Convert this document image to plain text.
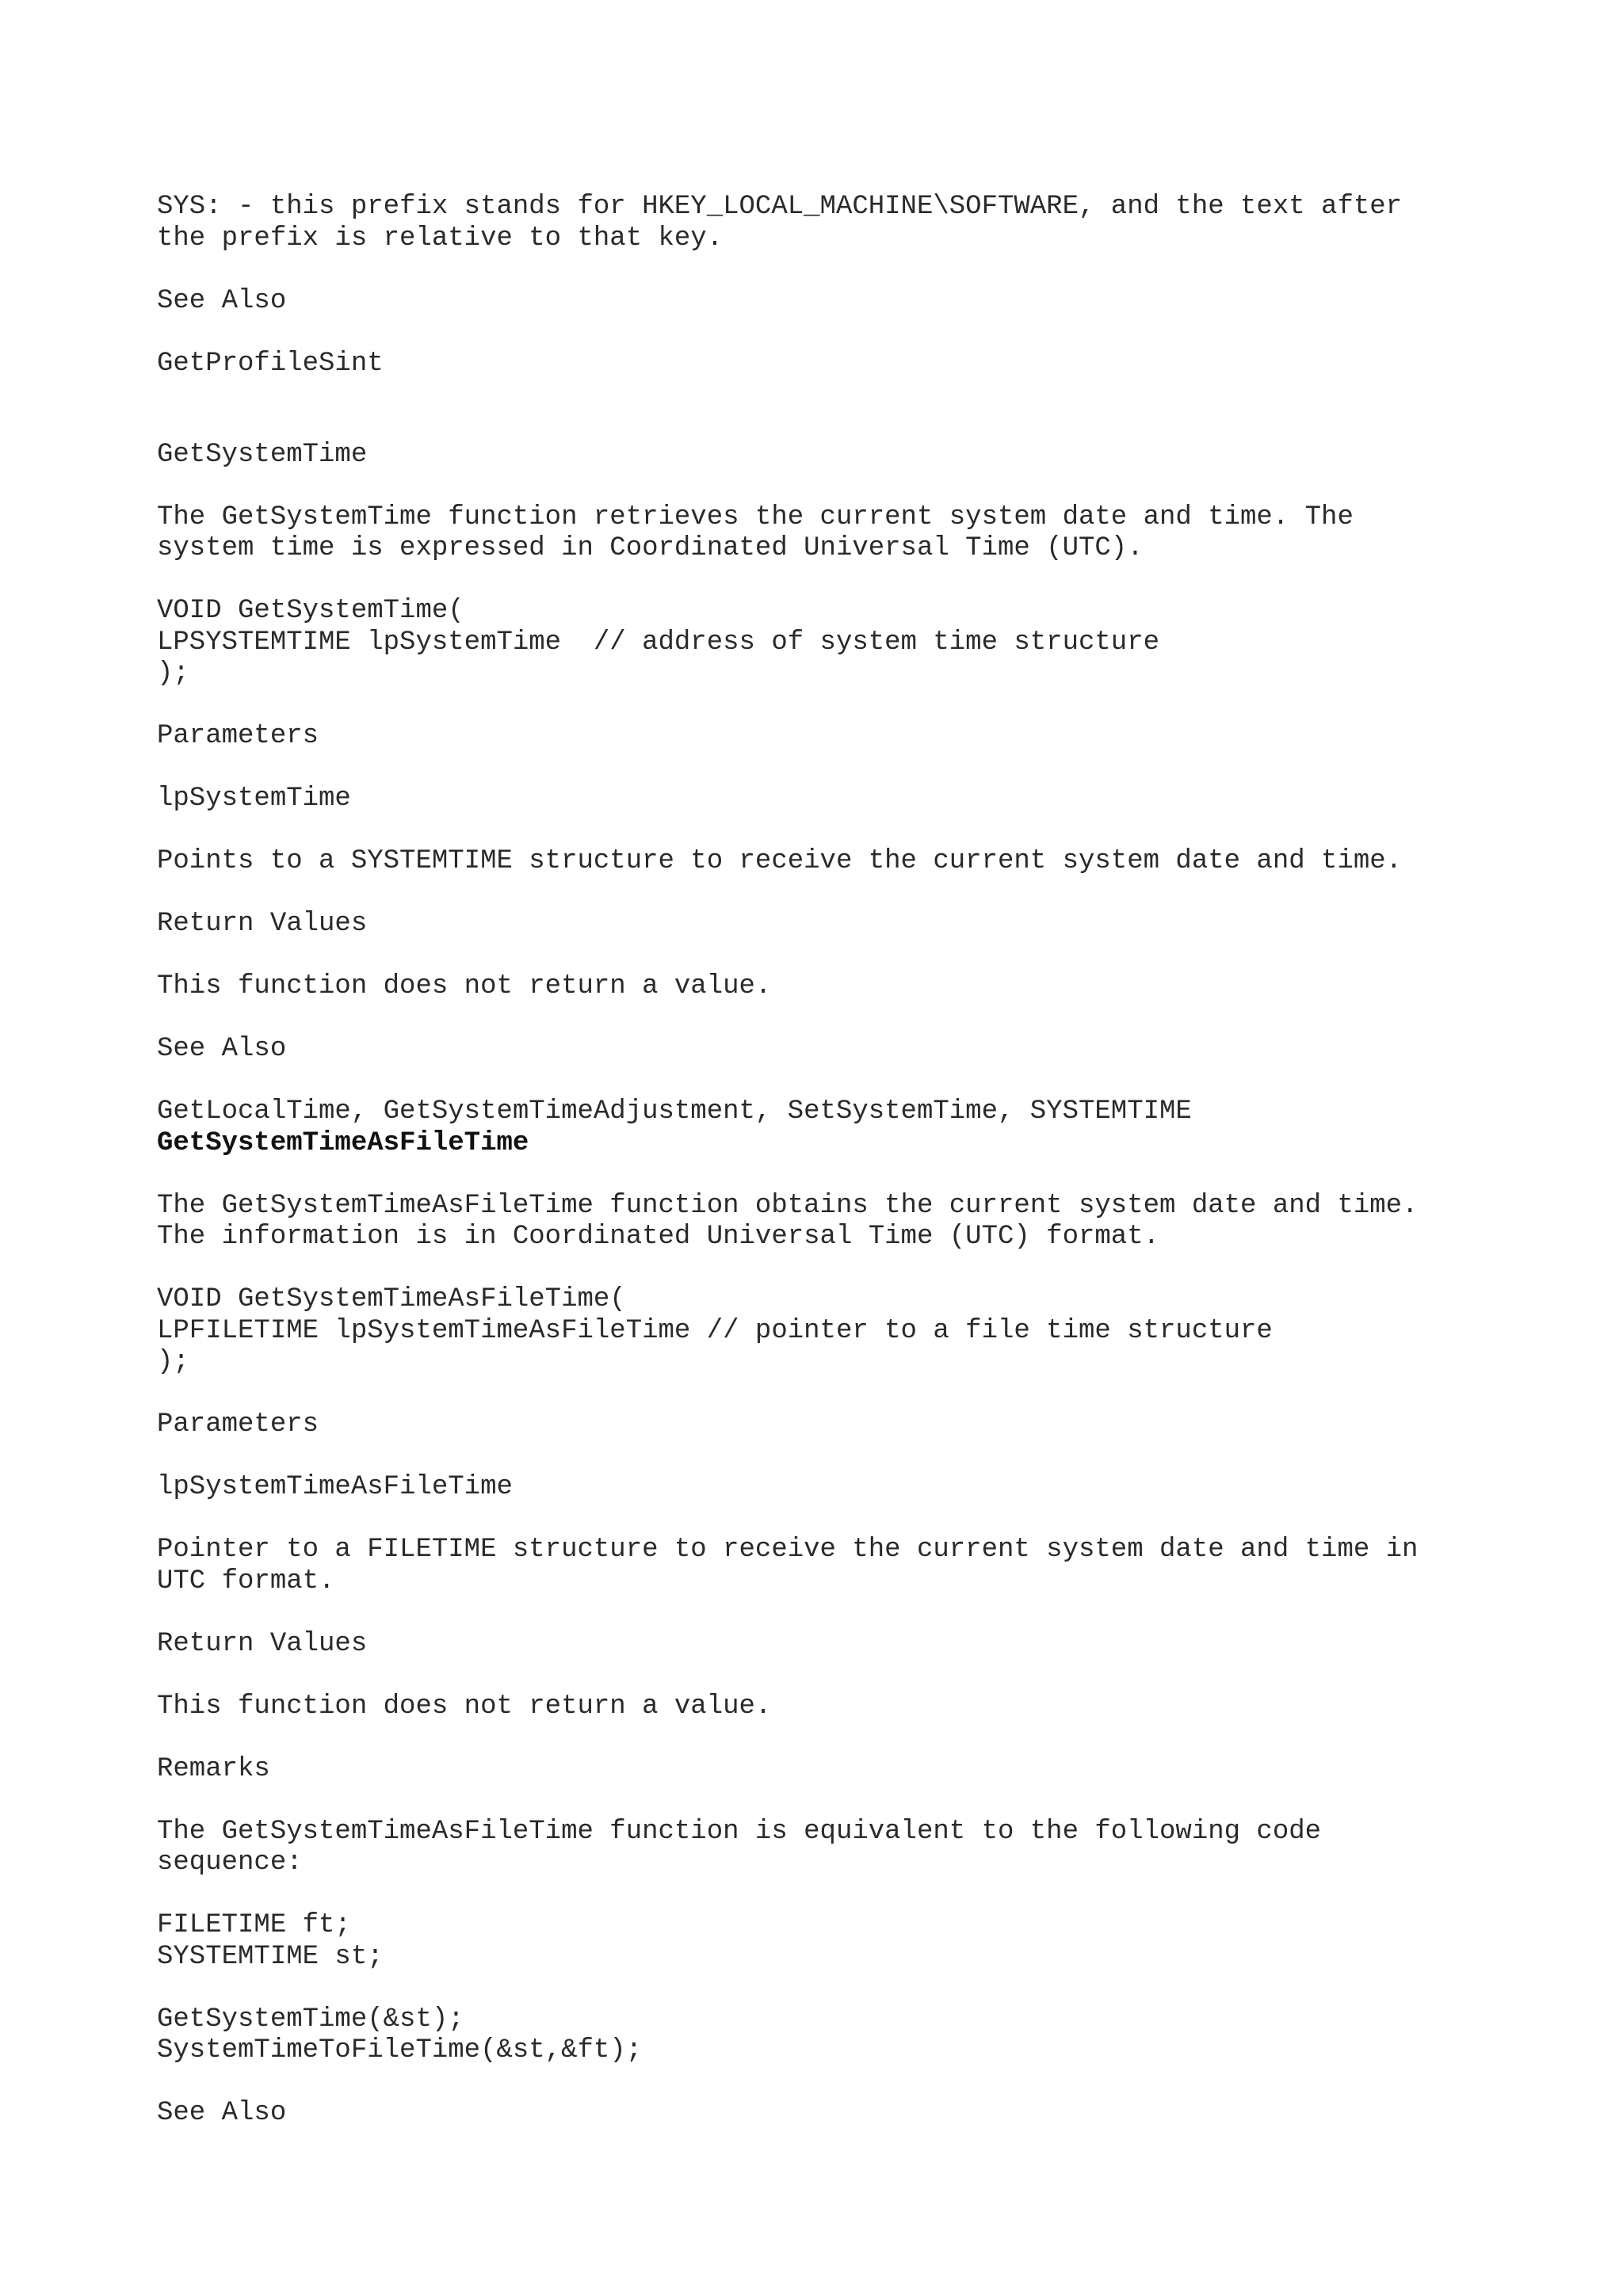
SYS: - this prefix stands for HKEY_LOCAL_MACHINE\SOFTWARE, and the text after
the prefix is relative to that key.
See Also
GetProfileSint
GetSystemTime
The GetSystemTime function retrieves the current system date and time. The
system time is expressed in Coordinated Universal Time (UTC).
VOID GetSystemTime(
LPSYSTEMTIME lpSystemTime  // address of system time structure
);
Parameters
lpSystemTime
Points to a SYSTEMTIME structure to receive the current system date and time.
Return Values
This function does not return a value.
See Also
GetLocalTime, GetSystemTimeAdjustment, SetSystemTime, SYSTEMTIME
GetSystemTimeAsFileTime
The GetSystemTimeAsFileTime function obtains the current system date and time.
The information is in Coordinated Universal Time (UTC) format.
VOID GetSystemTimeAsFileTime(
LPFILETIME lpSystemTimeAsFileTime // pointer to a file time structure
);
Parameters
lpSystemTimeAsFileTime
Pointer to a FILETIME structure to receive the current system date and time in
UTC format.
Return Values
This function does not return a value.
Remarks
The GetSystemTimeAsFileTime function is equivalent to the following code
sequence:
FILETIME ft;
SYSTEMTIME st;
GetSystemTime(&st);
SystemTimeToFileTime(&st,&ft);
See Also
